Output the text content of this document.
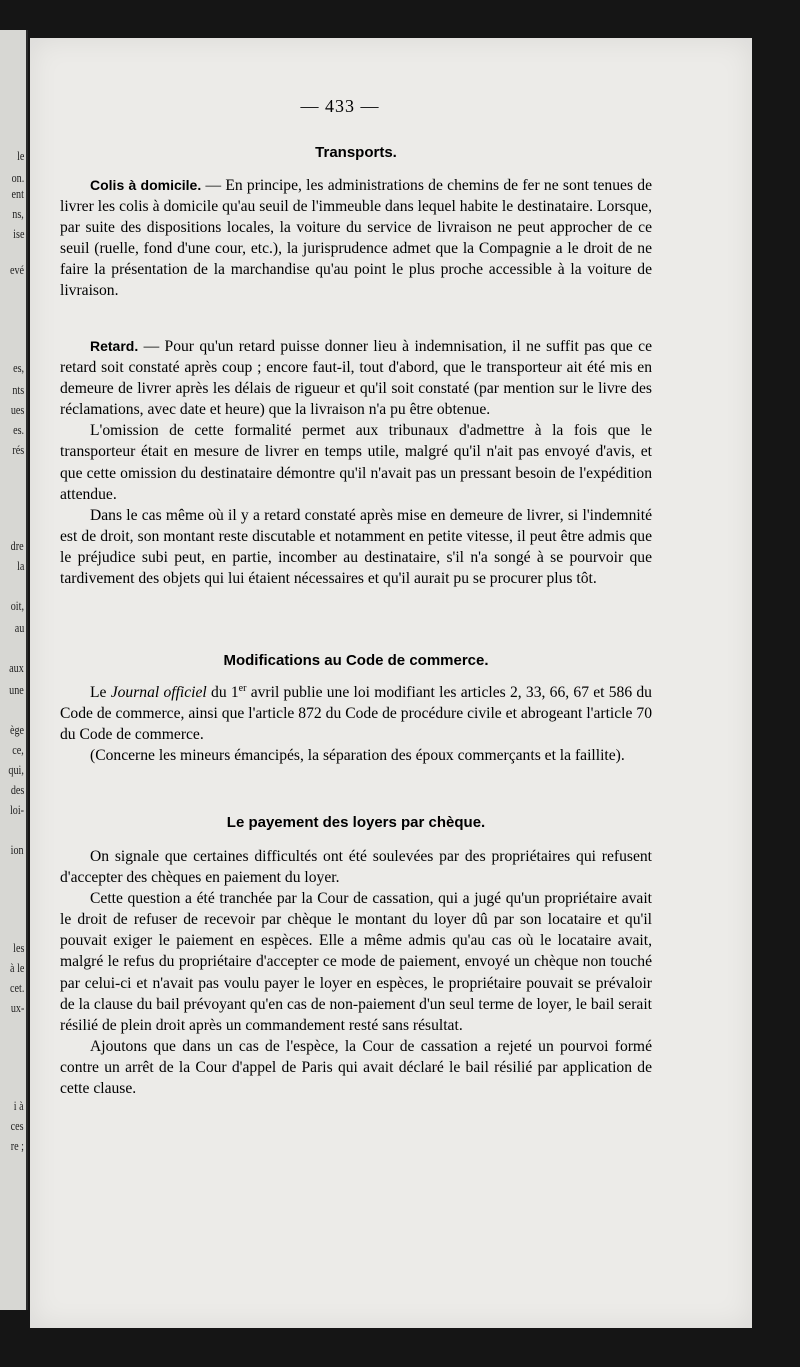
le
on.
ent
ns,
ise
evé
es,
nts
ues
es.
rés
dre
la
oit,
au
aux
une
ège
ce,
qui,
des
loi-
ion
les
à le
cet.
ux-
i à
ces
re ;
— 433 —
Transports.

Colis à domicile. — En principe, les administrations de chemins de fer ne sont tenues de livrer les colis à domicile qu'au seuil de l'immeuble dans lequel habite le destinataire. Lorsque, par suite des dispositions locales, la voiture du service de livraison ne peut approcher de ce seuil (ruelle, fond d'une cour, etc.), la jurisprudence admet que la Compagnie a le droit de ne faire la présentation de la marchandise qu'au point le plus proche accessible à la voiture de livraison.

Retard. — Pour qu'un retard puisse donner lieu à indemnisation, il ne suffit pas que ce retard soit constaté après coup ; encore faut-il, tout d'abord, que le transporteur ait été mis en demeure de livrer après les délais de rigueur et qu'il soit constaté (par mention sur le livre des réclamations, avec date et heure) que la livraison n'a pu être obtenue.

L'omission de cette formalité permet aux tribunaux d'admettre à la fois que le transporteur était en mesure de livrer en temps utile, malgré qu'il n'ait pas envoyé d'avis, et que cette omission du destinataire démontre qu'il n'avait pas un pressant besoin de l'expédition attendue.

Dans le cas même où il y a retard constaté après mise en demeure de livrer, si l'indemnité est de droit, son montant reste discutable et notamment en petite vitesse, il peut être admis que le préjudice subi peut, en partie, incomber au destinataire, s'il n'a songé à se pourvoir que tardivement des objets qui lui étaient nécessaires et qu'il aurait pu se procurer plus tôt.

Modifications au Code de commerce.

Le Journal officiel du 1er avril publie une loi modifiant les articles 2, 33, 66, 67 et 586 du Code de commerce, ainsi que l'article 872 du Code de procédure civile et abrogeant l'article 70 du Code de commerce.

(Concerne les mineurs émancipés, la séparation des époux commerçants et la faillite).

Le payement des loyers par chèque.

On signale que certaines difficultés ont été soulevées par des propriétaires qui refusent d'accepter des chèques en paiement du loyer.

Cette question a été tranchée par la Cour de cassation, qui a jugé qu'un propriétaire avait le droit de refuser de recevoir par chèque le montant du loyer dû par son locataire et qu'il pouvait exiger le paiement en espèces. Elle a même admis qu'au cas où le locataire avait, malgré le refus du propriétaire d'accepter ce mode de paiement, envoyé un chèque non touché par celui-ci et n'avait pas voulu payer le loyer en espèces, le propriétaire pouvait se prévaloir de la clause du bail prévoyant qu'en cas de non-paiement d'un seul terme de loyer, le bail serait résilié de plein droit après un commandement resté sans résultat.

Ajoutons que dans un cas de l'espèce, la Cour de cassation a rejeté un pourvoi formé contre un arrêt de la Cour d'appel de Paris qui avait déclaré le bail résilié par application de cette clause.
